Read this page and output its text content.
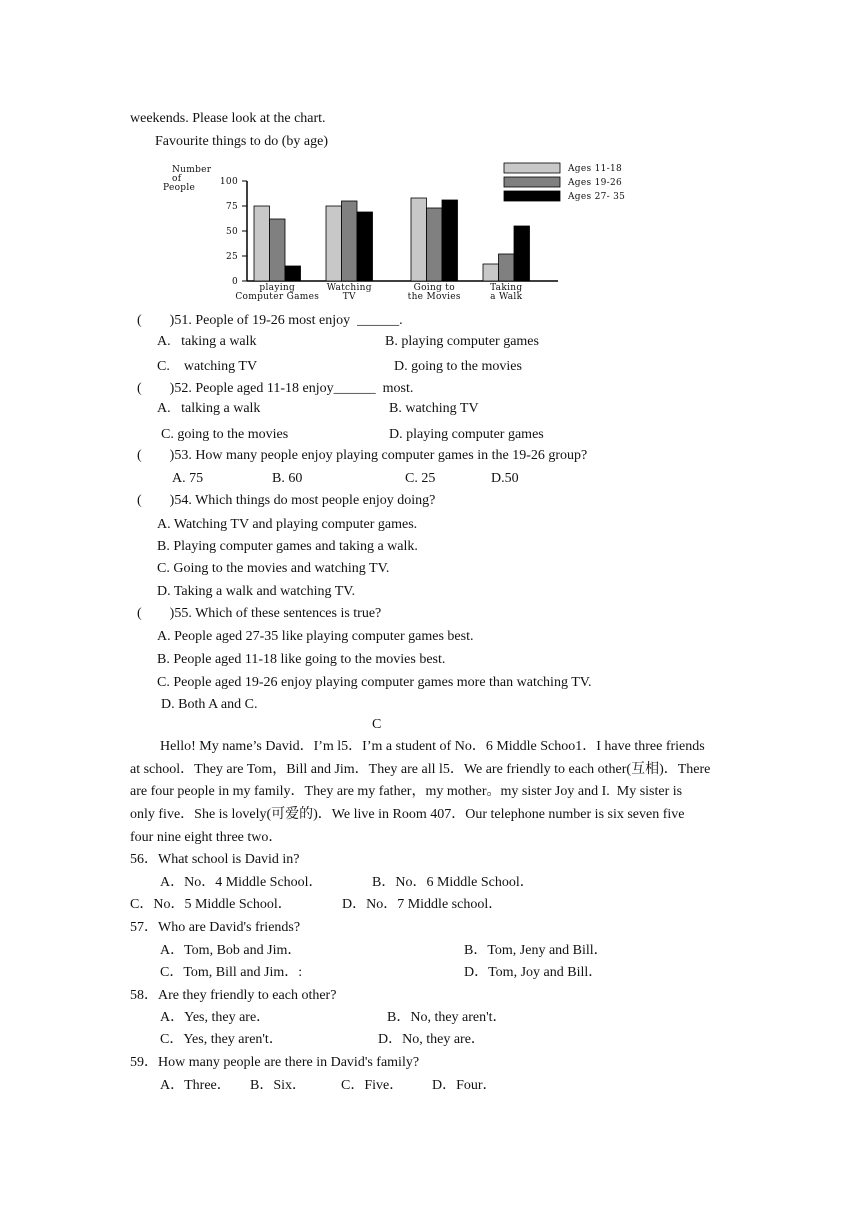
weekends. Please look at the chart.
Favourite things to do (by age)
Number of People
100
75
50
25
0
playing
Computer Games
Watching
TV
Going to
the Movies
Taking
a Walk
Ages 11-18
Ages 19-26
Ages 27- 35
(　　)51. People of 19-26 most enjoy  ______.
A.   taking a walk	B. playing computer games
C.    watching TV	D. going to the movies
(　　)52. People aged 11-18 enjoy______  most.
A.   talking a walk	B. watching TV
C. going to the movies	D. playing computer games
(　　)53. How many people enjoy playing computer games in the 19-26 group?
A. 75	B. 60	C. 25	D.50
(　　)54. Which things do most people enjoy doing?
A. Watching TV and playing computer games.
B. Playing computer games and taking a walk.
C. Going to the movies and watching TV.
D. Taking a walk and watching TV.
(　　)55. Which of these sentences is true?
A. People aged 27-35 like playing computer games best.
B. People aged 11-18 like going to the movies best.
C. People aged 19-26 enjoy playing computer games more than watching TV.
D. Both A and C.
C
Hello! My name’s David．I’m l5．I’m a student of No．6 Middle Schoo1．I have three friends
at school．They are Tom，Bill and Jim．They are all l5．We are friendly to each other(互相)．There
are four people in my family．They are my father，my mother。my sister Joy and I.  My sister is
only five．She is lovely(可爱的)．We live in Room 407．Our telephone number is six seven five
four nine eight three two．
56．What school is David in?
A．No．4 Middle School．	B．No．6 Middle School．
C．No．5 Middle School．	D．No．7 Middle school．
57．Who are David's friends?
A．Tom, Bob and Jim．	B．Tom, Jeny and Bill．
C．Tom, Bill and Jim．:	D．Tom, Joy and Bill．
58．Are they friendly to each other?
A．Yes, they are．	B．No, they aren't．
C．Yes, they aren't．	D．No, they are．
59．How many people are there in David's family?
A．Three． B．Six． C．Five． D．Four．
